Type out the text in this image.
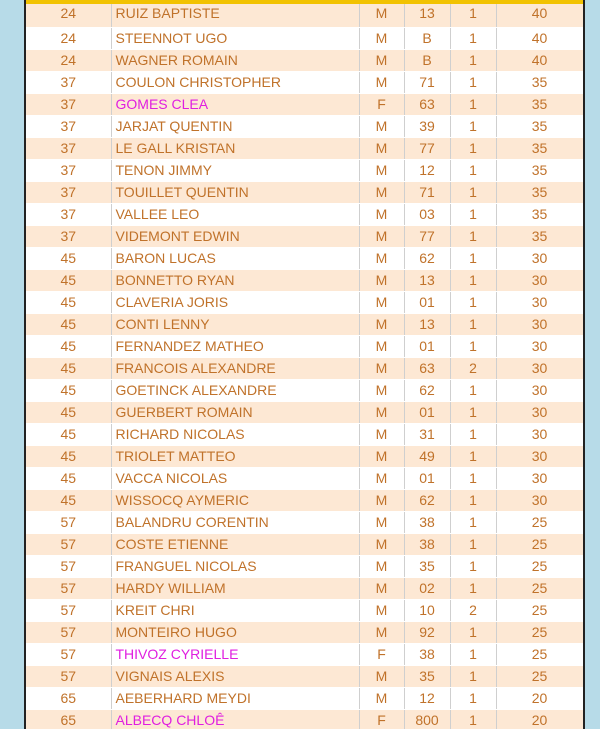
24	RUIZ BAPTISTE	M	13	1	40
24	STEENNOT UGO	M	B	1	40
24	WAGNER ROMAIN	M	B	1	40
37	COULON CHRISTOPHER	M	71	1	35
37	GOMES CLEA	F	63	1	35
37	JARJAT QUENTIN	M	39	1	35
37	LE GALL KRISTAN	M	77	1	35
37	TENON JIMMY	M	12	1	35
37	TOUILLET QUENTIN	M	71	1	35
37	VALLEE LEO	M	03	1	35
37	VIDEMONT EDWIN	M	77	1	35
45	BARON LUCAS	M	62	1	30
45	BONNETTO RYAN	M	13	1	30
45	CLAVERIA JORIS	M	01	1	30
45	CONTI LENNY	M	13	1	30
45	FERNANDEZ MATHEO	M	01	1	30
45	FRANCOIS ALEXANDRE	M	63	2	30
45	GOETINCK ALEXANDRE	M	62	1	30
45	GUERBERT ROMAIN	M	01	1	30
45	RICHARD NICOLAS	M	31	1	30
45	TRIOLET MATTEO	M	49	1	30
45	VACCA NICOLAS	M	01	1	30
45	WISSOCQ AYMERIC	M	62	1	30
57	BALANDRU CORENTIN	M	38	1	25
57	COSTE ETIENNE	M	38	1	25
57	FRANGUEL NICOLAS	M	35	1	25
57	HARDY WILLIAM	M	02	1	25
57	KREIT CHRI	M	10	2	25
57	MONTEIRO HUGO	M	92	1	25
57	THIVOZ CYRIELLE	F	38	1	25
57	VIGNAIS ALEXIS	M	35	1	25
65	AEBERHARD MEYDI	M	12	1	20
65	ALBECQ CHLOÊ	F	800	1	20
